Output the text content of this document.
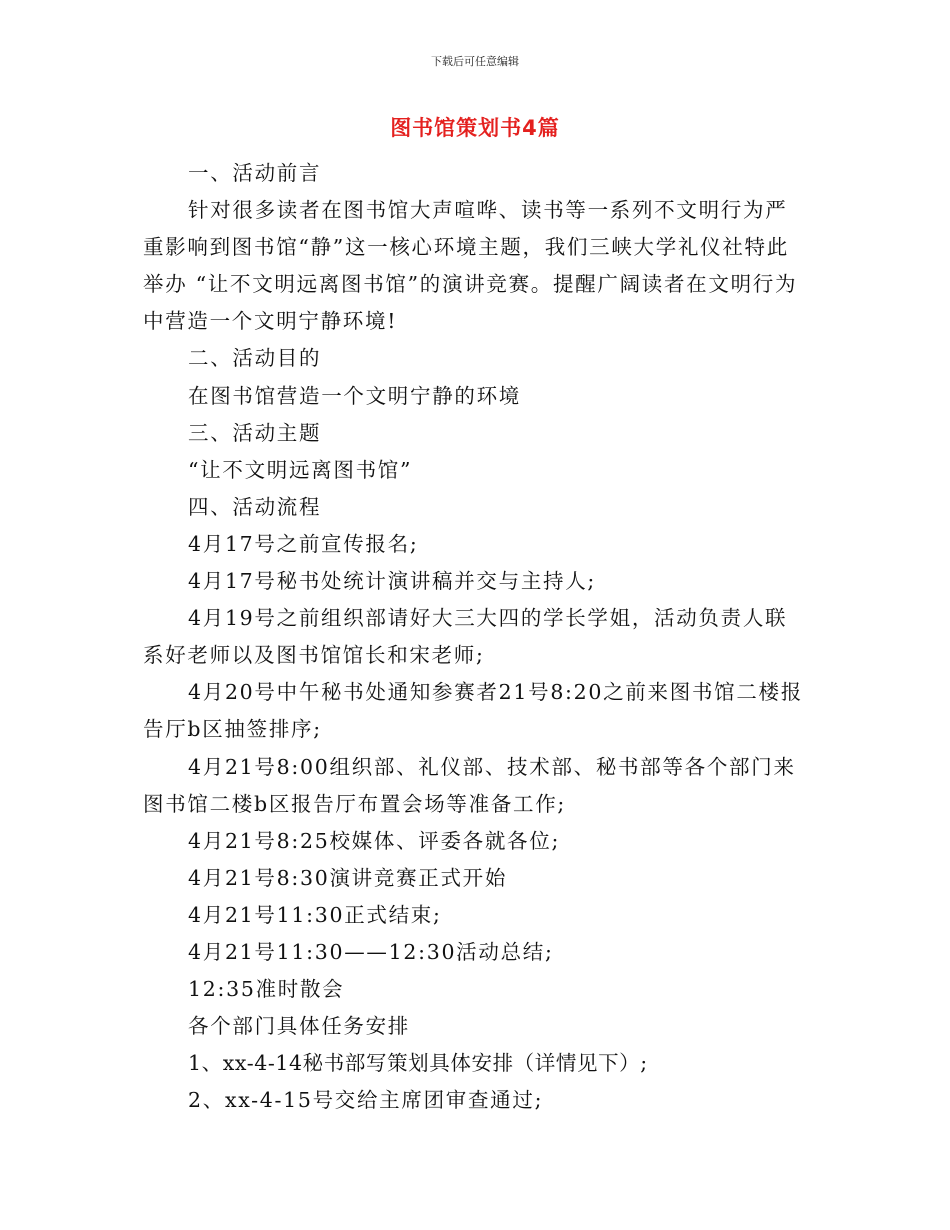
下载后可任意编辑
图书馆策划书4篇

一、活动前言

针对很多读者在图书馆大声喧哗、读书等一系列不文明行为严重影响到图书馆“静”这一核心环境主题，我们三峡大学礼仪社特此举办 “让不文明远离图书馆”的演讲竞赛。提醒广阔读者在文明行为中营造一个文明宁静环境!

二、活动目的

在图书馆营造一个文明宁静的环境

三、活动主题

“让不文明远离图书馆”

四、活动流程

4月17号之前宣传报名;

4月17号秘书处统计演讲稿并交与主持人;

4月19号之前组织部请好大三大四的学长学姐，活动负责人联系好老师以及图书馆馆长和宋老师;

4月20号中午秘书处通知参赛者21号8:20之前来图书馆二楼报告厅b区抽签排序;

4月21号8:00组织部、礼仪部、技术部、秘书部等各个部门来图书馆二楼b区报告厅布置会场等准备工作;

4月21号8:25校媒体、评委各就各位;

4月21号8:30演讲竞赛正式开始

4月21号11:30正式结束;

4月21号11:30——12:30活动总结;

12:35准时散会

各个部门具体任务安排

1、xx-4-14秘书部写策划具体安排（详情见下）;

2、xx-4-15号交给主席团审查通过;
